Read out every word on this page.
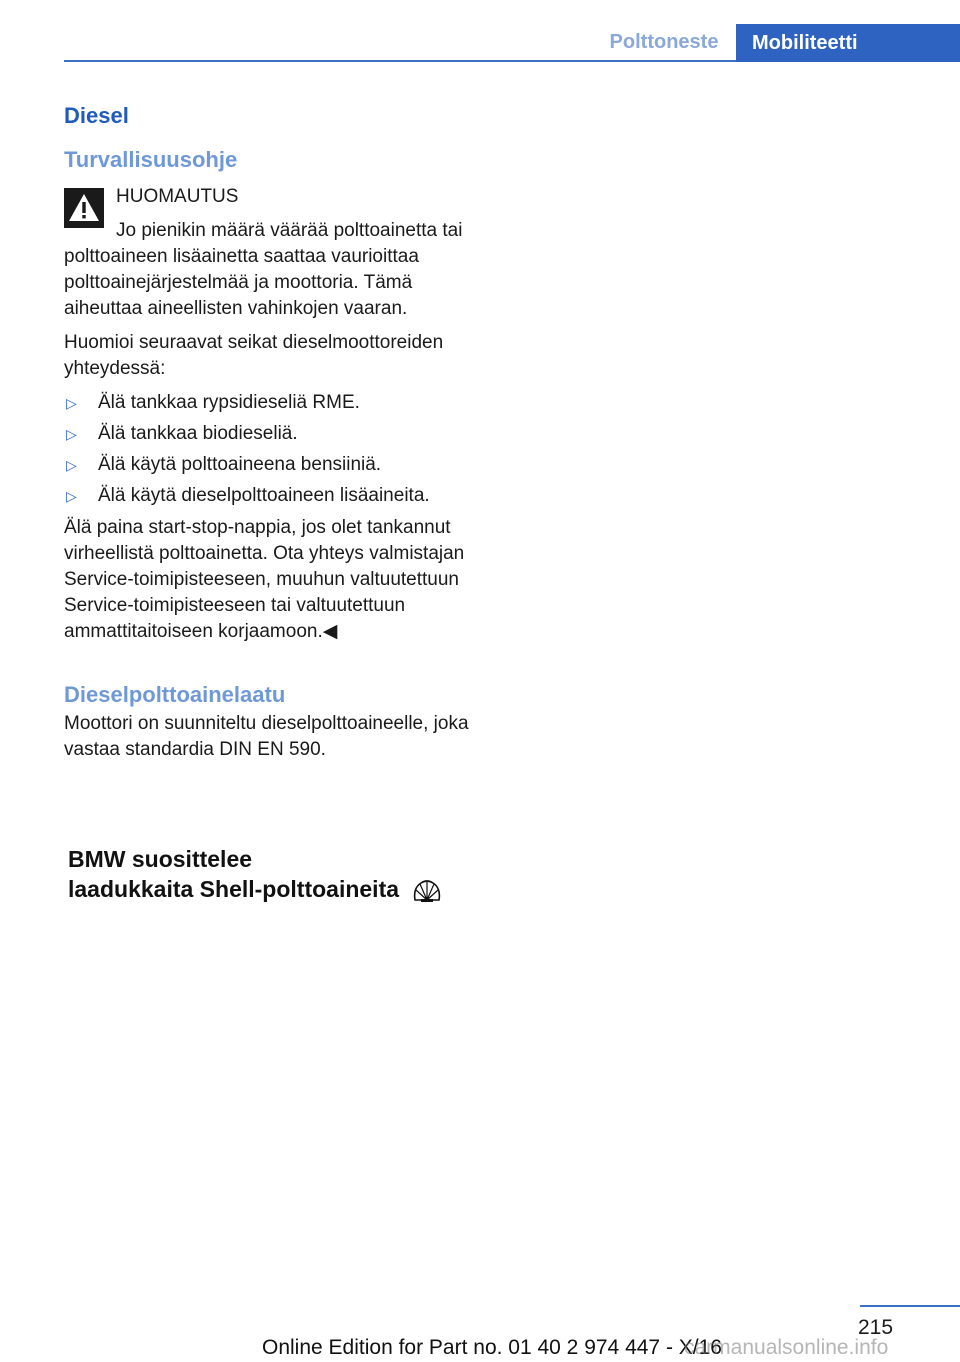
Polttoneste	Mobiliteetti
Diesel
Turvallisuusohje

HUOMAUTUS

Jo pienikin määrä väärää polttoainetta tai polttoaineen lisäainetta saattaa vaurioittaa polttoainejärjestelmää ja moottoria. Tämä aiheuttaa aineellisten vahinkojen vaaran.

Huomioi seuraavat seikat dieselmoottoreiden yhteydessä:

▷ Älä tankkaa rypsidieseliä RME.
▷ Älä tankkaa biodieseliä.
▷ Älä käytä polttoaineena bensiiniä.
▷ Älä käytä dieselpolttoaineen lisäaineita.

Älä paina start-stop-nappia, jos olet tankannut virheellistä polttoainetta. Ota yhteys valmistajan Service-toimipisteeseen, muuhun valtuutettuun Service-toimipisteeseen tai valtuutettuun ammattitaitoiseen korjaamoon.◀

Dieselpolttoainelaatu

Moottori on suunniteltu dieselpolttoaineelle, joka vastaa standardia DIN EN 590.

BMW suosittelee
laadukkaita Shell-polttoaineita
215
Online Edition for Part no. 01 40 2 974 447 - X/16
carmanualsonline.info
